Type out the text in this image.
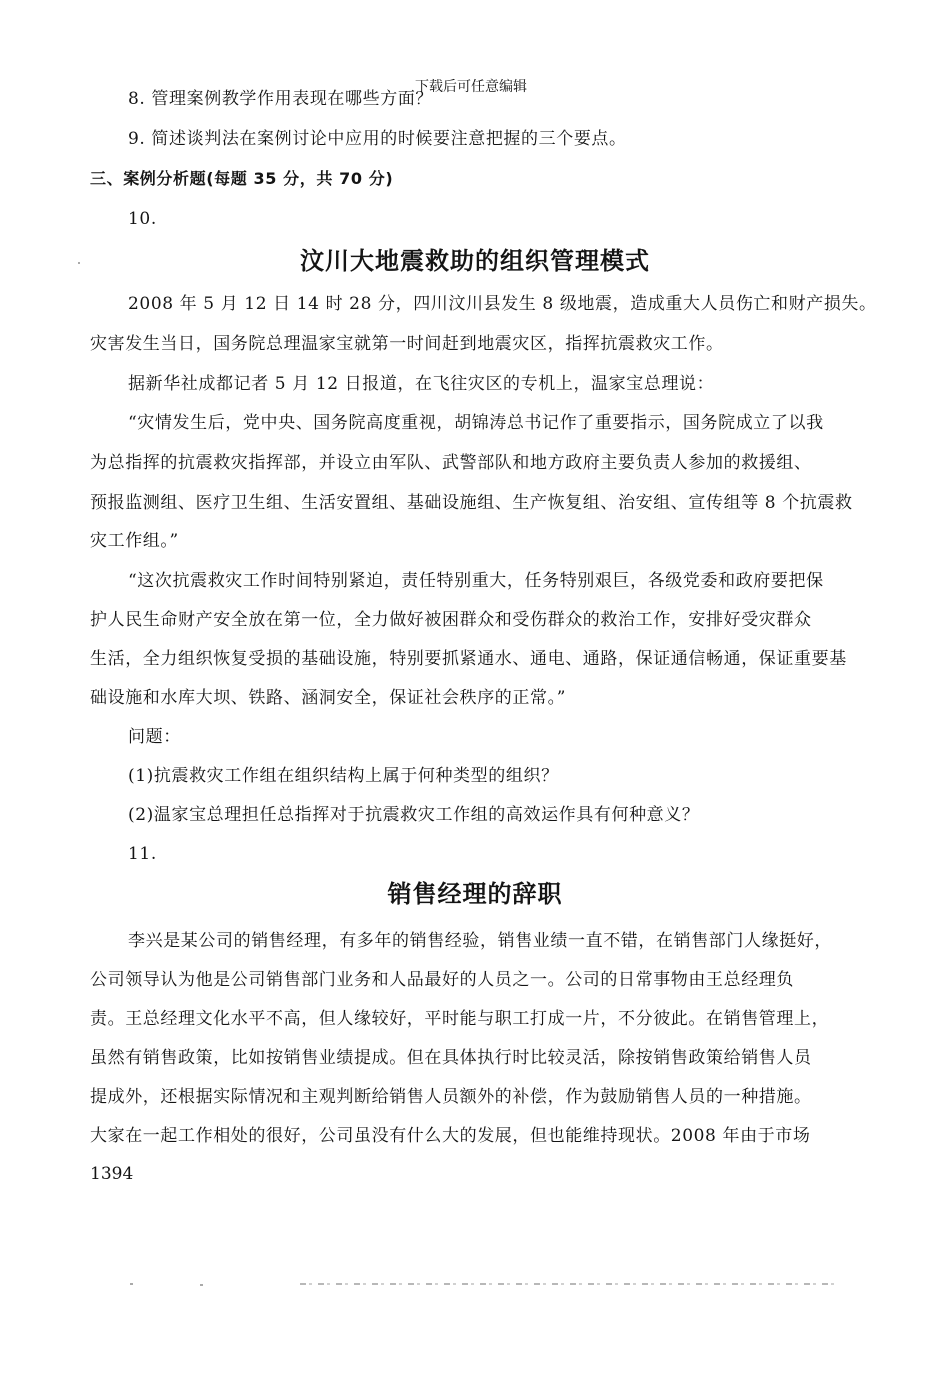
下载后可任意编辑
8. 管理案例教学作用表现在哪些方面？
9. 简述谈判法在案例讨论中应用的时候要注意把握的三个要点。
三、案例分析题(每题 35 分，共 70 分)
10.
汶川大地震救助的组织管理模式
2008 年 5 月 12 日 14 时 28 分，四川汶川县发生 8 级地震，造成重大人员伤亡和财产损失。
灾害发生当日，国务院总理温家宝就第一时间赶到地震灾区，指挥抗震救灾工作。
据新华社成都记者 5 月 12 日报道，在飞往灾区的专机上，温家宝总理说：
“灾情发生后，党中央、国务院高度重视，胡锦涛总书记作了重要指示，国务院成立了以我
为总指挥的抗震救灾指挥部，并设立由军队、武警部队和地方政府主要负责人参加的救援组、
预报监测组、医疗卫生组、生活安置组、基础设施组、生产恢复组、治安组、宣传组等 8 个抗震救
灾工作组。”
“这次抗震救灾工作时间特别紧迫，责任特别重大，任务特别艰巨，各级党委和政府要把保
护人民生命财产安全放在第一位，全力做好被困群众和受伤群众的救治工作，安排好受灾群众
生活，全力组织恢复受损的基础设施，特别要抓紧通水、通电、通路，保证通信畅通，保证重要基
础设施和水库大坝、铁路、涵洞安全，保证社会秩序的正常。”
问题：
(1)抗震救灾工作组在组织结构上属于何种类型的组织？
(2)温家宝总理担任总指挥对于抗震救灾工作组的高效运作具有何种意义？
11.
销售经理的辞职
李兴是某公司的销售经理，有多年的销售经验，销售业绩一直不错，在销售部门人缘挺好，
公司领导认为他是公司销售部门业务和人品最好的人员之一。公司的日常事物由王总经理负
责。王总经理文化水平不高，但人缘较好，平时能与职工打成一片，不分彼此。在销售管理上，
虽然有销售政策，比如按销售业绩提成。但在具体执行时比较灵活，除按销售政策给销售人员
提成外，还根据实际情况和主观判断给销售人员额外的补偿，作为鼓励销售人员的一种措施。
大家在一起工作相处的很好，公司虽没有什么大的发展，但也能维持现状。2008 年由于市场
1394
